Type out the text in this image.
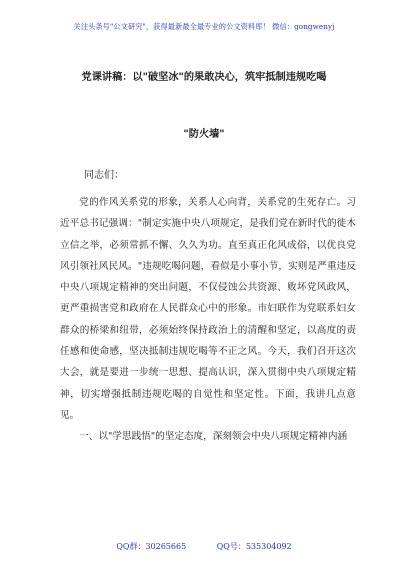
关注头条号"公文研究"，获得最新最全最专业的公文资料库！ 微信：gongwenyj
党课讲稿：以"破坚冰"的果敢决心，筑牢抵制违规吃喝
"防火墙"
同志们：

党的作风关系党的形象，关系人心向背，关系党的生死存亡。习近平总书记强调："制定实施中央八项规定，是我们党在新时代的徙木立信之举，必须常抓不懈、久久为功。直至真正化风成俗，以优良党风引领社风民风。"违规吃喝问题，看似是小事小节，实则是严重违反中央八项规定精神的突出问题，不仅侵蚀公共资源、败坏党风政风，更严重损害党和政府在人民群众心中的形象。市妇联作为党联系妇女群众的桥梁和纽带，必须始终保持政治上的清醒和坚定，以高度的责任感和使命感，坚决抵制违规吃喝等不正之风。今天，我们召开这次大会，就是要进一步统一思想、提高认识，深入贯彻中央八项规定精神，切实增强抵制违规吃喝的自觉性和坚定性。下面，我讲几点意见。

一、以"学思践悟"的坚定态度，深刻领会中央八项规定精神内涵

QQ群：30265665	QQ号：535304092
